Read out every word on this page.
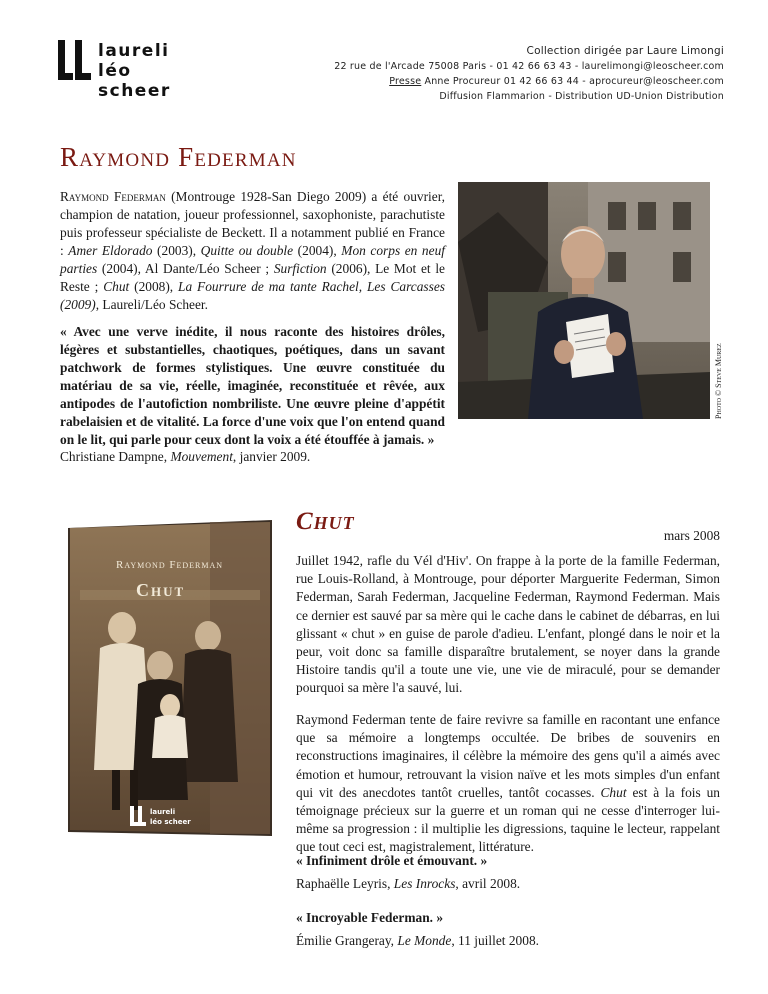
laureli
léo scheer
Collection dirigée par Laure Limongi
22 rue de l'Arcade 75008 Paris - 01 42 66 63 43 - laurelimongi@leoscheer.com
Presse Anne Procureur 01 42 66 63 44 - aprocureur@leoscheer.com
Diffusion Flammarion - Distribution UD-Union Distribution
Raymond Federman
Raymond Federman (Montrouge 1928-San Diego 2009) a été ouvrier, champion de natation, joueur professionnel, saxophoniste, parachutiste puis professeur spécialiste de Beckett. Il a notamment publié en France : Amer Eldorado (2003), Quitte ou double (2004), Mon corps en neuf parties (2004), Al Dante/Léo Scheer ; Surfiction (2006), Le Mot et le Reste ; Chut (2008), La Fourrure de ma tante Rachel, Les Carcasses (2009), Laureli/Léo Scheer.
« Avec une verve inédite, il nous raconte des histoires drôles, légères et substantielles, chaotiques, poétiques, dans un savant patchwork de formes stylistiques. Une œuvre constituée du matériau de sa vie, réelle, imaginée, reconstituée et rêvée, aux antipodes de l'autofiction nombriliste. Une œuvre pleine d'appétit rabelaisien et de vitalité. La force d'une voix que l'on entend quand on le lit, qui parle pour ceux dont la voix a été étouffée à jamais. »
Christiane Dampne, Mouvement, janvier 2009.
Photo © Steve Murez
Raymond Federman
Chut
laureli
léo scheer
Chut
mars 2008
Juillet 1942, rafle du Vél d'Hiv'. On frappe à la porte de la famille Federman, rue Louis-Rolland, à Montrouge, pour déporter Marguerite Federman, Simon Federman, Sarah Federman, Jacqueline Federman, Raymond Federman. Mais ce dernier est sauvé par sa mère qui le cache dans le cabinet de débarras, en lui glissant « chut » en guise de parole d'adieu. L'enfant, plongé dans le noir et la peur, voit donc sa famille disparaître brutalement, se noyer dans la grande Histoire tandis qu'il a toute une vie, une vie de miraculé, pour se demander pourquoi sa mère l'a sauvé, lui.
Raymond Federman tente de faire revivre sa famille en racontant une enfance que sa mémoire a longtemps occultée. De bribes de souvenirs en reconstructions imaginaires, il célèbre la mémoire des gens qu'il a aimés avec émotion et humour, retrouvant la vision naïve et les mots simples d'un enfant qui vit des anecdotes tantôt cruelles, tantôt cocasses. Chut est à la fois un témoignage précieux sur la guerre et un roman qui ne cesse d'interroger lui-même sa progression : il multiplie les digressions, taquine le lecteur, rappelant que tout ceci est, magistralement, littérature.
« Infiniment drôle et émouvant. »
Raphaëlle Leyris, Les Inrocks, avril 2008.
« Incroyable Federman. »
Émilie Grangeray, Le Monde, 11 juillet 2008.
